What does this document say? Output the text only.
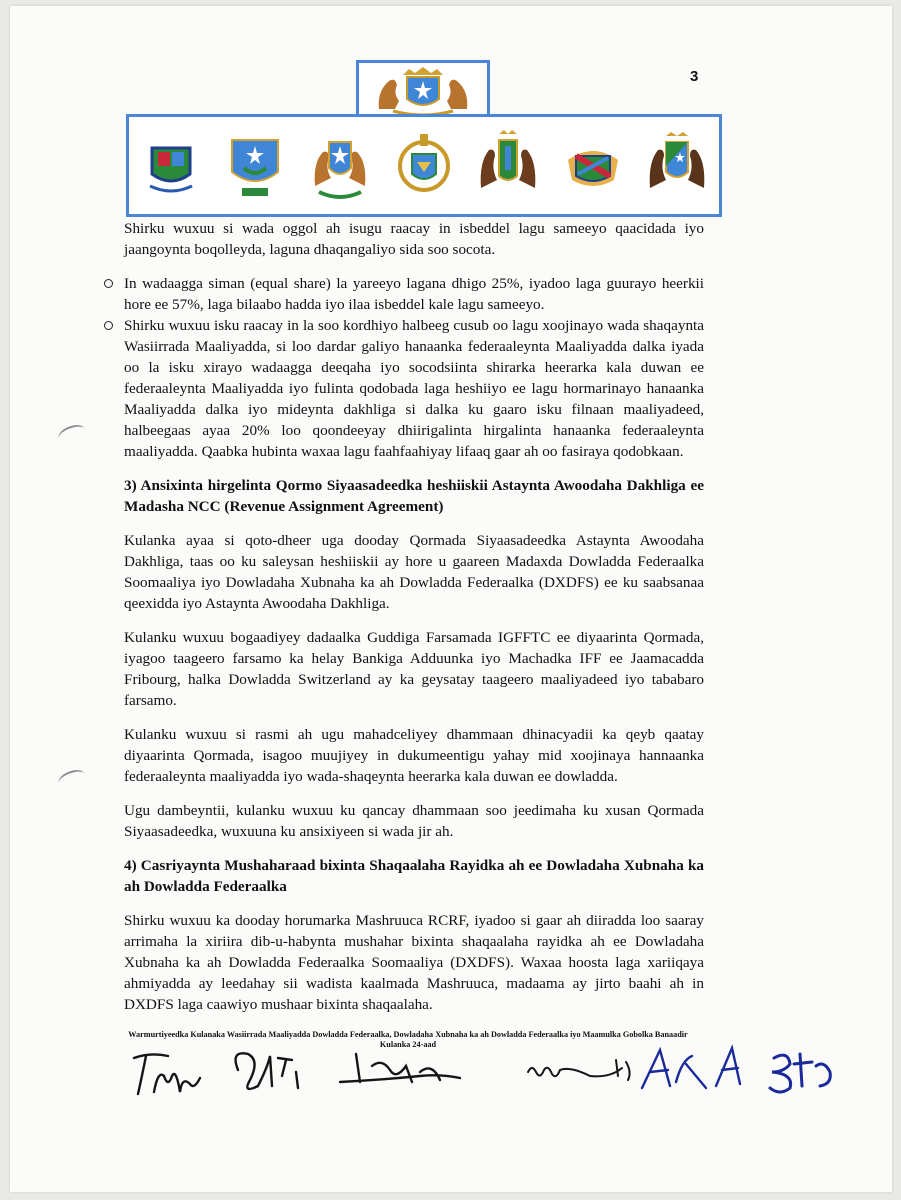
3

Shirku wuxuu si wada oggol ah isugu raacay in isbeddel lagu sameeyo qaacidada iyo jaangoynta boqolleyda, laguna dhaqangaliyo sida soo socota.

In wadaagga siman (equal share) la yareeyo lagana dhigo 25%, iyadoo laga guurayo heerkii hore ee 57%, laga bilaabo hadda iyo ilaa isbeddel kale lagu sameeyo.
Shirku wuxuu isku raacay in la soo kordhiyo halbeeg cusub oo lagu xoojinayo wada shaqaynta Wasiirrada Maaliyadda, si loo dardar galiyo hanaanka federaaleynta Maaliyadda dalka iyada oo la isku xirayo wadaagga deeqaha iyo socodsiinta shirarka heerarka kala duwan ee federaaleynta Maaliyadda iyo fulinta qodobada laga heshiiyo ee lagu hormarinayo hanaanka Maaliyadda dalka iyo mideynta dakhliga si dalka ku gaaro isku filnaan maaliyadeed, halbeegaas ayaa 20% loo qoondeeyay dhiirigalinta hirgalinta hanaanka federaaleynta maaliyadda. Qaabka hubinta waxaa lagu faahfaahiyay lifaaq gaar ah oo fasiraya qodobkaan.
3) Ansixinta hirgelinta Qormo Siyaasadeedka heshiiskii Astaynta Awoodaha Dakhliga ee Madasha NCC (Revenue Assignment Agreement)

Kulanka ayaa si qoto-dheer uga dooday Qormada Siyaasadeedka Astaynta Awoodaha Dakhliga, taas oo ku saleysan heshiiskii ay hore u gaareen Madaxda Dowladda Federaalka Soomaaliya iyo Dowladaha Xubnaha ka ah Dowladda Federaalka (DXDFS) ee ku saabsanaa qeexidda iyo Astaynta Awoodaha Dakhliga.

Kulanku wuxuu bogaadiyey dadaalka Guddiga Farsamada IGFFTC ee diyaarinta Qormada, iyagoo taageero farsamo ka helay Bankiga Adduunka iyo Machadka IFF ee Jaamacadda Fribourg, halka Dowladda Switzerland ay ka geysatay taageero maaliyadeed iyo tababaro farsamo.

Kulanku wuxuu si rasmi ah ugu mahadceliyey dhammaan dhinacyadii ka qeyb qaatay diyaarinta Qormada, isagoo muujiyey in dukumeentigu yahay mid xoojinaya hannaanka federaaleynta maaliyadda iyo wada-shaqeynta heerarka kala duwan ee dowladda.

Ugu dambeyntii, kulanku wuxuu ku qancay dhammaan soo jeedimaha ku xusan Qormada Siyaasadeedka, wuxuuna ku ansixiyeen si wada jir ah.

4) Casriyaynta Mushaharaad bixinta Shaqaalaha Rayidka ah ee Dowladaha Xubnaha ka ah Dowladda Federaalka

Shirku wuxuu ka dooday horumarka Mashruuca RCRF, iyadoo si gaar ah diiradda loo saaray arrimaha la xiriira dib-u-habynta mushahar bixinta shaqaalaha rayidka ah ee Dowladaha Xubnaha ka ah Dowladda Federaalka Soomaaliya (DXDFS). Waxaa hoosta laga xariiqaya ahmiyadda ay leedahay sii wadista kaalmada Mashruuca, madaama ay jirto baahi ah in DXDFS laga caawiyo mushaar bixinta shaqaalaha.

Warmurtiyeedka Kulanaka Wasiirrada Maaliyadda Dowladda Federaalka, Dowladaha Xubnaha ka ah Dowladda Federaalka iyo Maamulka Gobolka Banaadir
Kulanka 24-aad
